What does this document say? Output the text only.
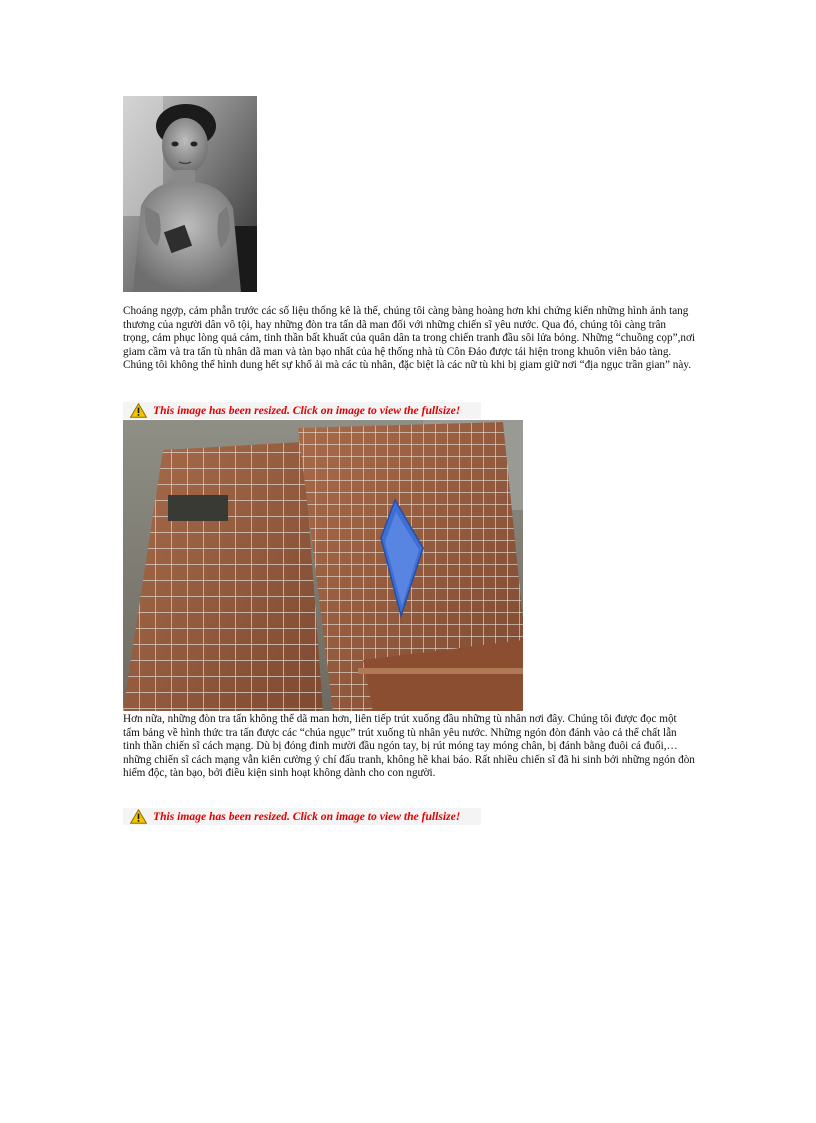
Choáng ngợp, cảm phẫn trước các số liệu thống kê là thế, chúng tôi càng bàng hoàng hơn khi chứng kiến những hình ảnh tang thương của người dân vô tội, hay những đòn tra tấn dã man đối với những chiến sĩ yêu nước. Qua đó, chúng tôi càng trân trọng, cảm phục lòng quả cảm, tinh thần bất khuất của quân dân ta trong chiến tranh đầu sôi lửa bỏng. Những “chuồng cọp”,nơi giam cầm và tra tấn tù nhân dã man và tàn bạo nhất của hệ thống nhà tù Côn Đảo được tái hiện trong khuôn viên bảo tàng. Chúng tôi không thể hình dung hết sự khổ ải mà các tù nhân, đặc biệt là các nữ tù khi bị giam giữ nơi “địa ngục trần gian” này.

This image has been resized. Click on image to view the fullsize!

Hơn nữa, những đòn tra tấn không thể dã man hơn, liên tiếp trút xuống đầu những tù nhân nơi đây. Chúng tôi được đọc một tấm bảng về hình thức tra tấn được các “chúa ngục” trút xuống tù nhân yêu nước. Những ngón đòn đánh vào cả thể chất lẫn tinh thần chiến sĩ cách mạng. Dù bị đóng đinh mười đầu ngón tay, bị rút móng tay móng chân, bị đánh bằng đuôi cá đuối,… những chiến sĩ cách mạng vẫn kiên cường ý chí đấu tranh, không hề khai báo. Rất nhiều chiến sĩ đã hi sinh bởi những ngón đòn hiểm độc, tàn bạo, bởi điều kiện sinh hoạt không dành cho con người.

This image has been resized. Click on image to view the fullsize!
